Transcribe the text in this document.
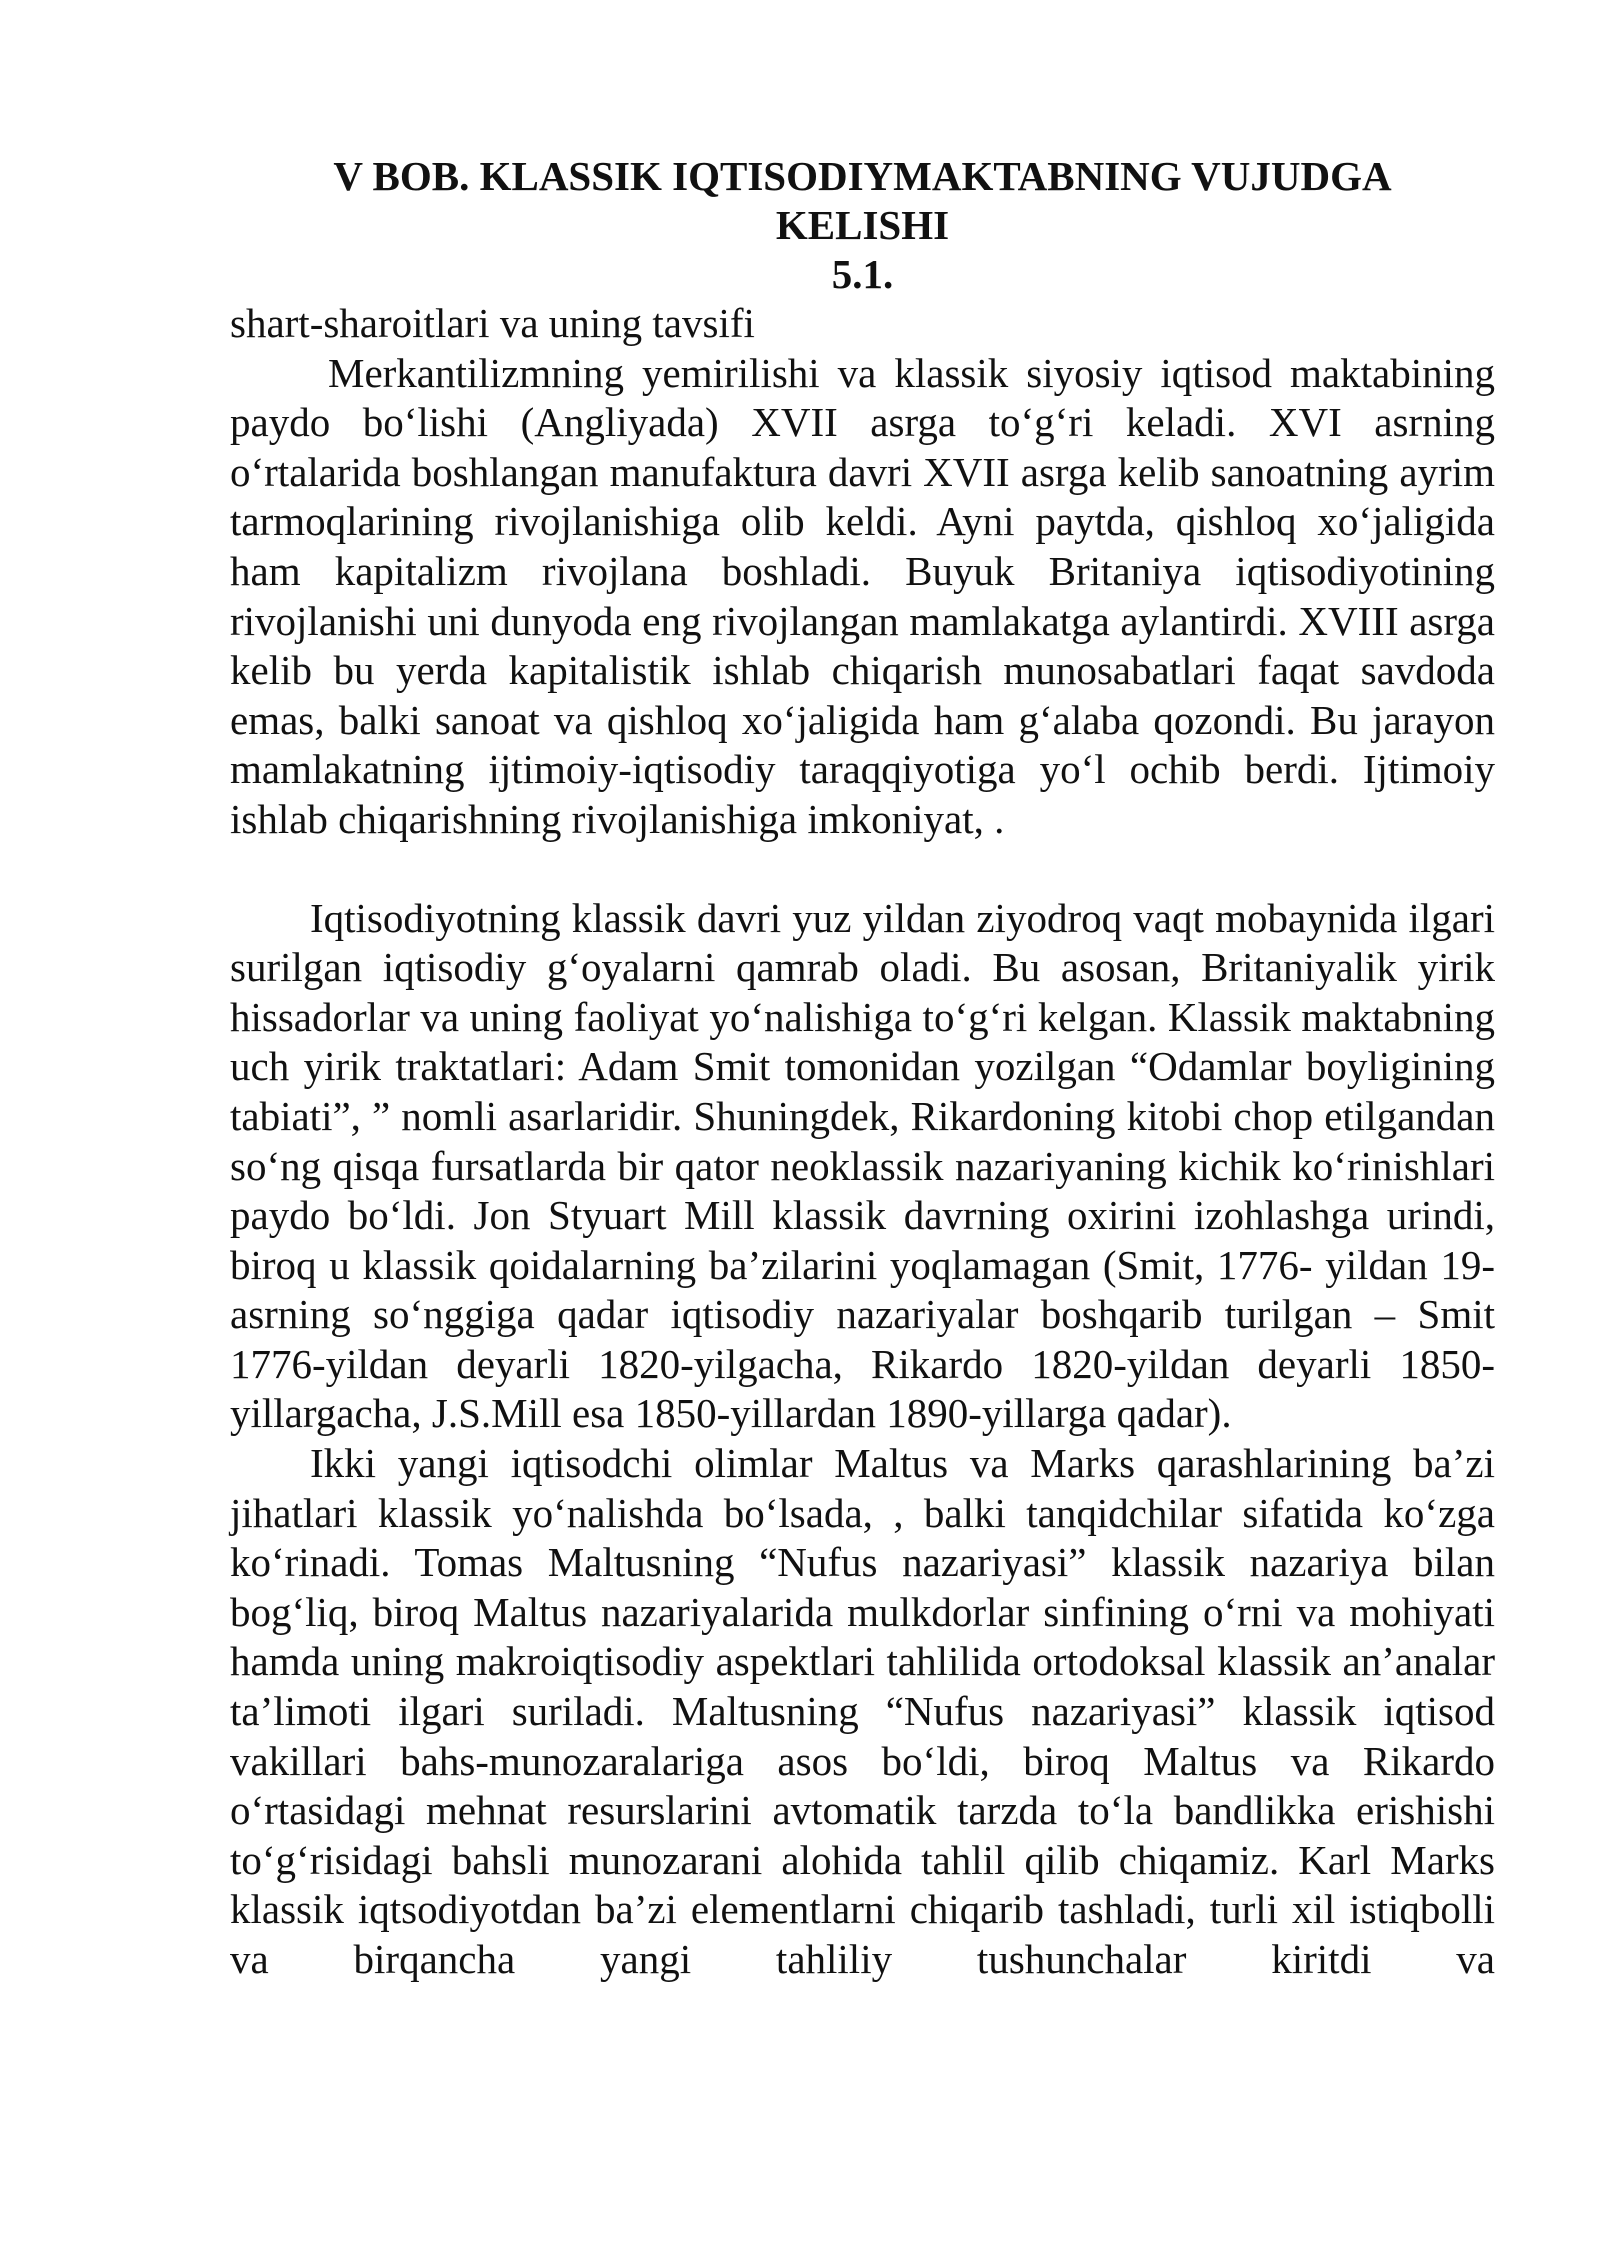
V BOB. KLASSIK IQTISODIYMAKTABNING VUJUDGA
KELISHI
5.1.
shart-sharoitlari va uning tavsifi

Merkantilizmning yemirilishi va klassik siyosiy iqtisod maktabining paydo bo‘lishi (Angliyada) XVII asrga to‘g‘ri keladi. XVI asrning o‘rtalarida boshlangan manufaktura davri XVII asrga kelib sanoatning ayrim tarmoqlarining rivojlanishiga olib keldi. Ayni paytda, qishloq xo‘jaligida ham kapitalizm rivojlana boshladi. Buyuk Britaniya iqtisodiyotining rivojlanishi uni dunyoda eng rivojlangan mamlakatga aylantirdi. XVIII asrga kelib bu yerda kapitalistik ishlab chiqarish munosabatlari faqat savdoda emas, balki sanoat va qishloq xo‘jaligida ham g‘alaba qozondi. Bu jarayon mamlakatning ijtimoiy-iqtisodiy taraqqiyotiga yo‘l ochib berdi. Ijtimoiy ishlab chiqarishning rivojlanishiga imkoniyat, .

Iqtisodiyotning klassik davri yuz yildan ziyodroq vaqt mobaynida ilgari surilgan iqtisodiy g‘oyalarni qamrab oladi. Bu asosan, Britaniyalik yirik hissadorlar va uning faoliyat yo‘nalishiga to‘g‘ri kelgan. Klassik maktabning uch yirik traktatlari: Adam Smit tomonidan yozilgan “Odamlar boyligining tabiati”, ” nomli asarlaridir. Shuningdek, Rikardoning kitobi chop etilgandan so‘ng qisqa fursatlarda bir qator neoklassik nazariyaning kichik ko‘rinishlari paydo bo‘ldi. Jon Styuart Mill klassik davrning oxirini izohlashga urindi, biroq u klassik qoidalarning ba’zilarini yoqlamagan (Smit, 1776- yildan 19-asrning so‘nggiga qadar iqtisodiy nazariyalar boshqarib turilgan – Smit 1776-yildan deyarli 1820-yilgacha, Rikardo 1820-yildan deyarli 1850-yillargacha, J.S.Mill esa 1850-yillardan 1890-yillarga qadar).

Ikki yangi iqtisodchi olimlar Maltus va Marks qarashlarining ba’zi jihatlari klassik yo‘nalishda bo‘lsada, , balki tanqidchilar sifatida ko‘zga ko‘rinadi. Tomas Maltusning “Nufus nazariyasi” klassik nazariya bilan bog‘liq, biroq Maltus nazariyalarida mulkdorlar sinfining o‘rni va mohiyati hamda uning makroiqtisodiy aspektlari tahlilida ortodoksal klassik an’analar ta’limoti ilgari suriladi. Maltusning “Nufus nazariyasi” klassik iqtisod vakillari bahs-munozaralariga asos bo‘ldi, biroq Maltus va Rikardo o‘rtasidagi mehnat resurslarini avtomatik tarzda to‘la bandlikka erishishi to‘g‘risidagi bahsli munozarani alohida tahlil qilib chiqamiz. Karl Marks klassik iqtsodiyotdan ba’zi elementlarni chiqarib tashladi, turli xil istiqbolli va birqancha yangi tahliliy tushunchalar kiritdi va
